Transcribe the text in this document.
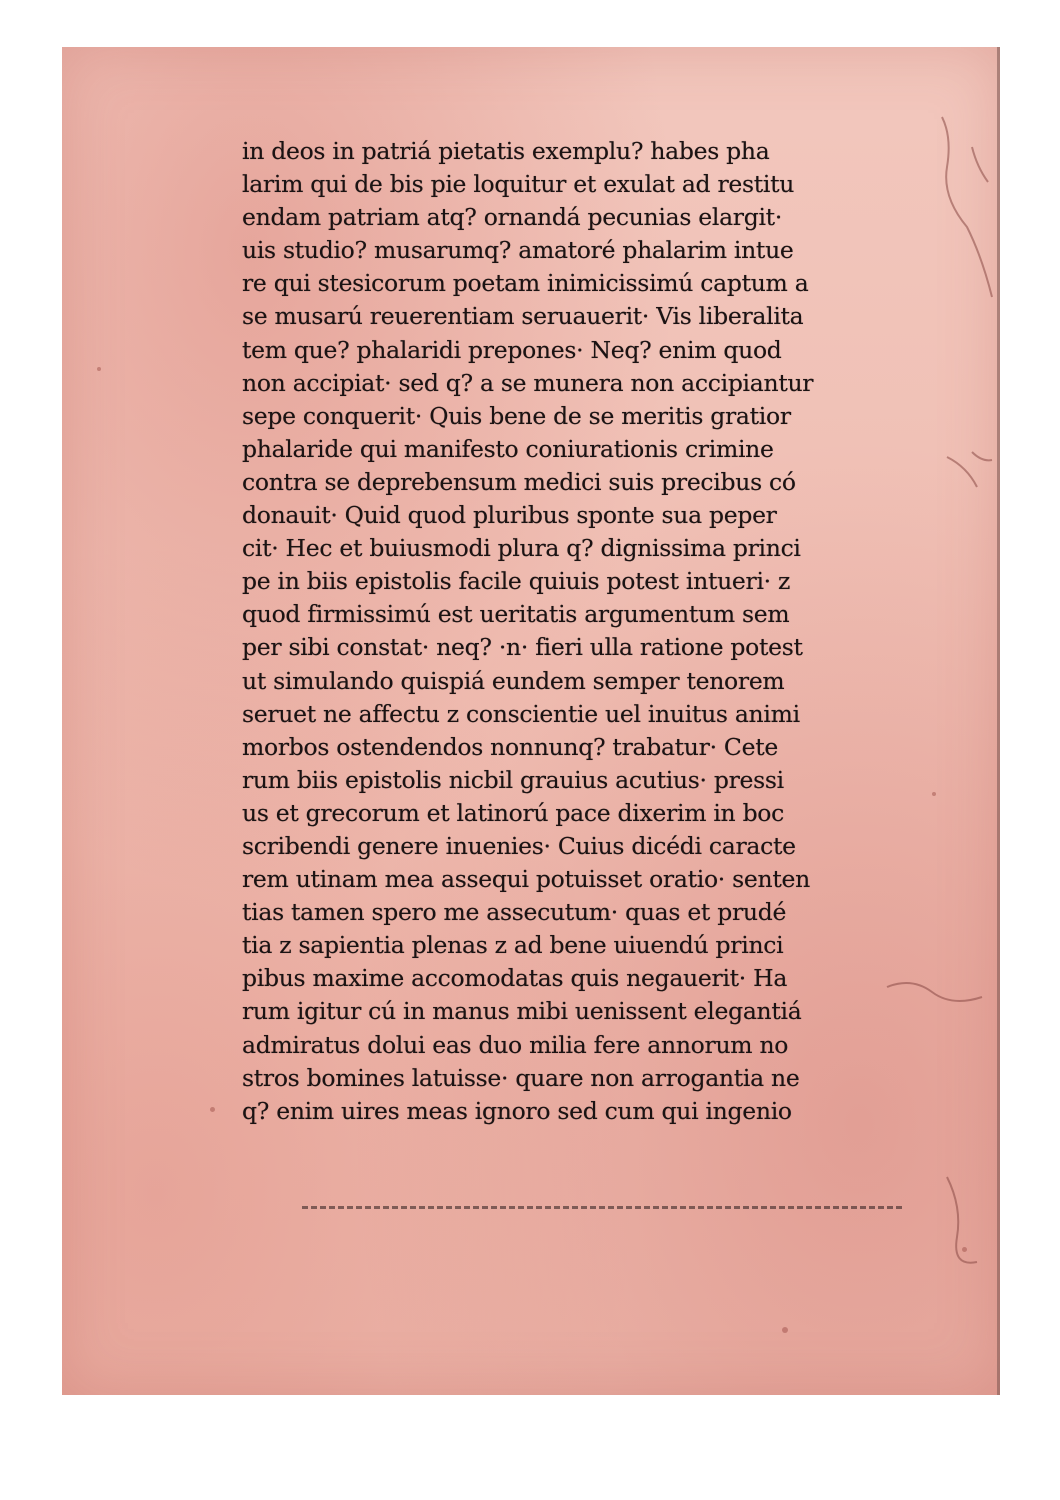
in deos in patriá pietatis exemplu? habes pha
larim qui de bis pie loquitur et exulat ad restitu
endam patriam atq? ornandá pecunias elargit·
uis studio? musarumq? amatoré phalarim intue
re qui stesicorum poetam inimicissimú captum a
se musarú reuerentiam seruauerit· Vis liberalita
tem que? phalaridi prepones· Neq? enim quod
non accipiat· sed q? a se munera non accipiantur
sepe conquerit· Quis bene de se meritis gratior
phalaride qui manifesto coniurationis crimine
contra se deprebensum medici suis precibus có
donauit· Quid quod pluribus sponte sua peper
cit· Hec et buiusmodi plura q? dignissima princi
pe in biis epistolis facile quiuis potest intueri· z
quod firmissimú est ueritatis argumentum sem
per sibi constat· neq? ·n· fieri ulla ratione potest
ut simulando quispiá eundem semper tenorem
seruet ne affectu z conscientie uel inuitus animi
morbos ostendendos nonnunq? trabatur· Cete
rum biis epistolis nicbil grauius acutius· pressi
us et grecorum et latinorú pace dixerim in boc
scribendi genere inuenies· Cuius dicédi caracte
rem utinam mea assequi potuisset oratio· senten
tias tamen spero me assecutum· quas et prudé
tia z sapientia plenas z ad bene uiuendú princi
pibus maxime accomodatas quis negauerit· Ha
rum igitur cú in manus mibi uenissent elegantiá
admiratus dolui eas duo milia fere annorum no
stros bomines latuisse· quare non arrogantia ne
q? enim uires meas ignoro sed cum qui ingenio
